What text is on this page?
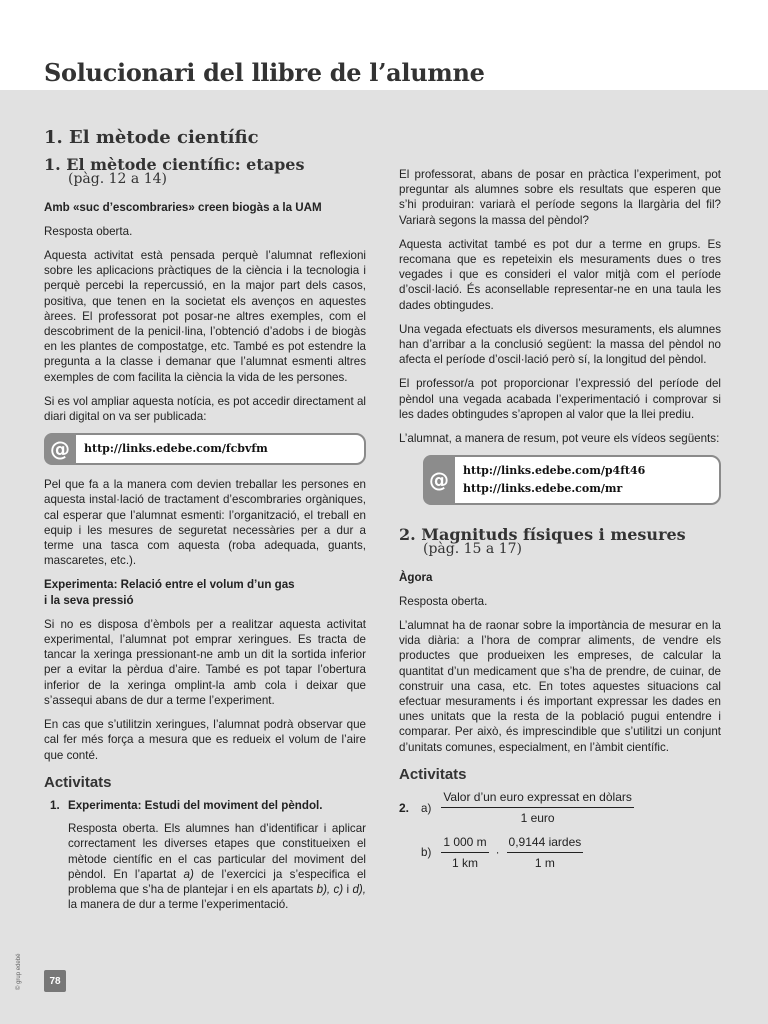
Solucionari del llibre de l’alumne
1. El mètode científic
1. El mètode científic: etapes
(pàg. 12 a 14)
Amb «suc d’escombraries» creen biogàs a la UAM

Resposta oberta.

Aquesta activitat està pensada perquè l’alumnat reflexioni sobre les aplicacions pràctiques de la ciència i la tecnologia i perquè percebi la repercussió, en la major part dels casos, positiva, que tenen en la societat els avenços en aquestes àrees. El professorat pot posar-ne altres exemples, com el descobriment de la penicil·lina, l’obtenció d’adobs i de biogàs en les plantes de compostatge, etc. També es pot estendre la pregunta a la classe i demanar que l’alumnat esmenti altres exemples de com facilita la ciència la vida de les persones.

Si es vol ampliar aquesta notícia, es pot accedir directament al diari digital on va ser publicada:

@	http://links.edebe.com/fcbvfm

Pel que fa a la manera com devien treballar les persones en aquesta instal·lació de tractament d’escombraries orgàniques, cal esperar que l’alumnat esmenti: l’organització, el treball en equip i les mesures de seguretat necessàries per a dur a terme una tasca com aquesta (roba adequada, guants, mascaretes, etc.).

Experimenta: Relació entre el volum d’un gas
i la seva pressió

Si no es disposa d’èmbols per a realitzar aquesta activitat experimental, l’alumnat pot emprar xeringues. Es tracta de tancar la xeringa pressionant-ne amb un dit la sortida inferior per a evitar la pèrdua d’aire. També es pot tapar l’obertura inferior de la xeringa omplint-la amb cola i deixar que s’assequi abans de dur a terme l’experiment.

En cas que s’utilitzin xeringues, l’alumnat podrà observar que cal fer més força a mesura que es redueix el volum de l’aire que conté.

Activitats
1. Experimenta: Estudi del moviment del pèndol.

Resposta oberta. Els alumnes han d’identificar i aplicar correctament les diverses etapes que constitueixen el mètode científic en el cas particular del moviment del pèndol. En l’apartat a) de l’exercici ja s’especifica el problema que s’ha de plantejar i en els apartats b), c) i d), la manera de dur a terme l’experimentació.

El professorat, abans de posar en pràctica l’experiment, pot preguntar als alumnes sobre els resultats que esperen que s’hi produiran: variarà el període segons la llargària del fil? Variarà segons la massa del pèndol?

Aquesta activitat també es pot dur a terme en grups. Es recomana que es repeteixin els mesuraments dues o tres vegades i que es consideri el valor mitjà com el període d’oscil·lació. És aconsellable representar-ne en una taula les dades obtingudes.

Una vegada efectuats els diversos mesuraments, els alumnes han d’arribar a la conclusió següent: la massa del pèndol no afecta el període d’oscil·lació però sí, la longitud del pèndol.

El professor/a pot proporcionar l’expressió del període del pèndol una vegada acabada l’experimentació i comprovar si les dades obtingudes s’apropen al valor que la llei prediu.

L’alumnat, a manera de resum, pot veure els vídeos següents:

@	http://links.edebe.com/p4ft46
http://links.edebe.com/mr
2. Magnituds físiques i mesures
(pàg. 15 a 17)
Àgora

Resposta oberta.

L’alumnat ha de raonar sobre la importància de mesurar en la vida diària: a l’hora de comprar aliments, de vendre els productes que produeixen les empreses, de calcular la quantitat d’un medicament que s’ha de prendre, de cuinar, de construir una casa, etc. En totes aquestes situacions cal efectuar mesuraments i és important expressar les dades en unes unitats que la resta de la població pugui entendre i comparar. Per això, és imprescindible que s’utilitzi un conjunt d’unitats comunes, especialment, en l’àmbit científic.

Activitats
2.	$a) \frac{\text{Valor d’un euro expressat en dòlars}}{\text{1 euro}}$
$b) \frac{1 000 m}{1 km} \cdot \frac{\text{0,9144 iardes}}{1 m}$
78
© grup edebé
